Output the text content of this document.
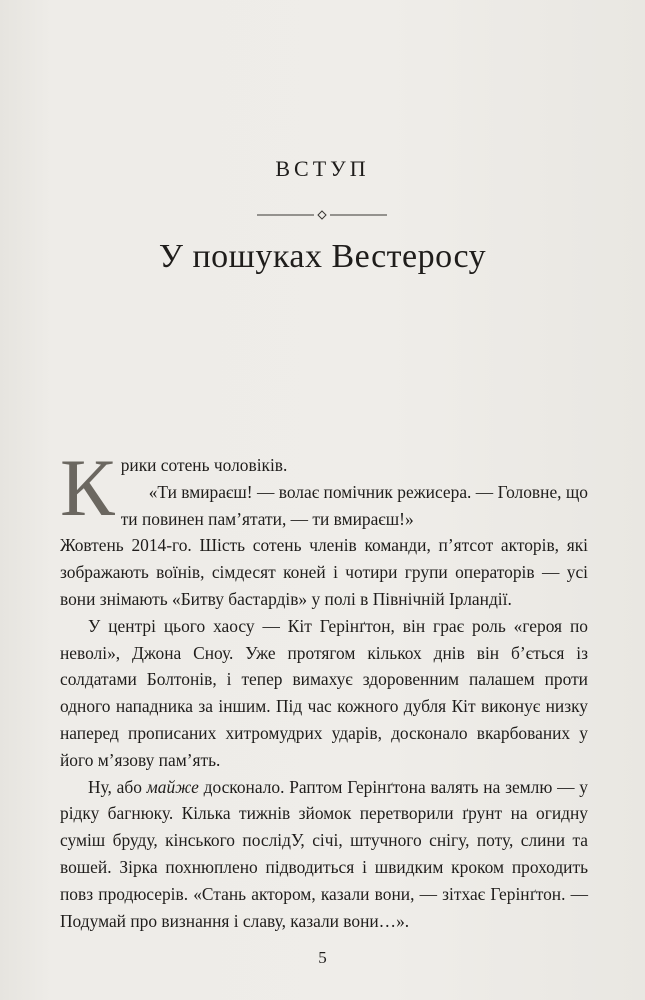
ВСТУП
У пошуках Вестеросу

Крики сотень чоловіків.

«Ти вмираєш! — волає помічник режисера. — Головне, що ти повинен пам’ятати, — ти вмираєш!»

Жовтень 2014-го. Шість сотень членів команди, п’ятсот акторів, які зображають воїнів, сімдесят коней і чотири групи операторів — усі вони знімають «Битву бастардів» у полі в Північній Ірландії.

У центрі цього хаосу — Кіт Герінґтон, він грає роль «героя по неволі», Джона Сноу. Уже протягом кількох днів він б’ється із солдатами Болтонів, і тепер вимахує здоровенним палашем проти одного нападника за іншим. Під час кожного дубля Кіт виконує низку наперед прописаних хитромудрих ударів, досконало вкарбованих у його м’язову пам’ять.

Ну, або майже досконало. Раптом Герінґтона валять на землю — у рідку багнюку. Кілька тижнів зйомок перетворили ґрунт на огидну суміш бруду, кінського послідУ, січі, штучного снігу, поту, слини та вошей. Зірка похнюплено підводиться і швидким кроком проходить повз продюсерів. «Стань актором, казали вони, — зітхає Герінґтон. — Подумай про визнання і славу, казали вони…».

5
